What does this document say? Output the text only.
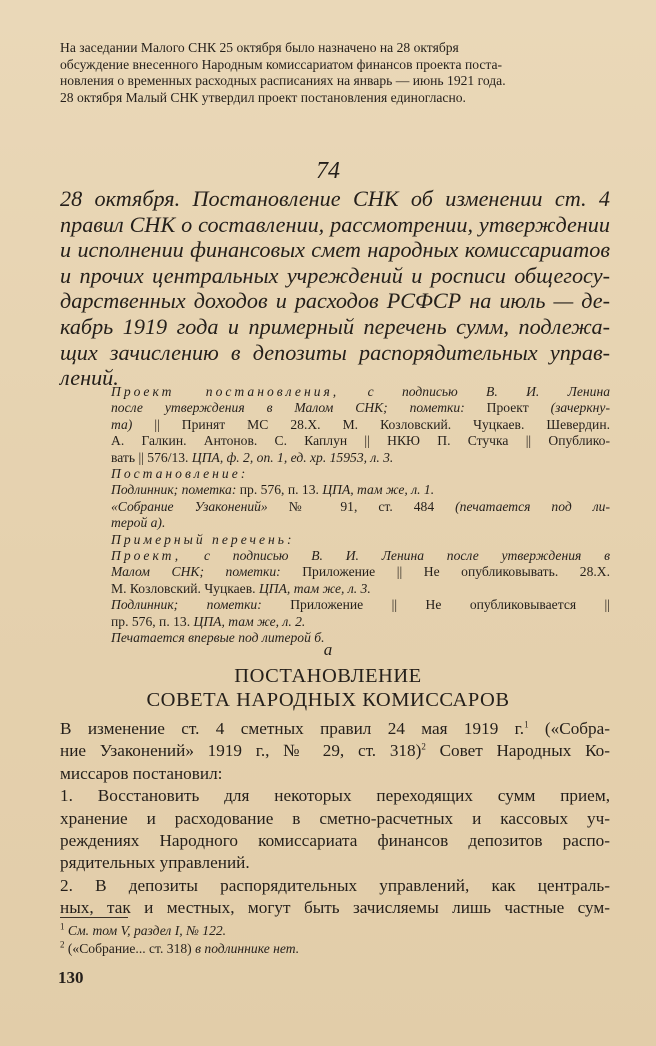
На заседании Малого СНК 25 октября было назначено на 28 октября

обсуждение внесенного Народным комиссариатом финансов проекта поста-

новления о временных расходных расписаниях на январь — июнь 1921 года.

28 октября Малый СНК утвердил проект постановления единогласно.

74
28 октября. Постановление СНК об изменении ст. 4
правил СНК о составлении, рассмотрении, утверждении
и исполнении финансовых смет народных комиссариатов
и прочих центральных учреждений и росписи общегосу-
дарственных доходов и расходов РСФСР на июль — де-
кабрь 1919 года и примерный перечень сумм, подлежа-
щих зачислению в депозиты распорядительных управ-
лений.

Проект постановления, с подписью В. И. Ленина

после утверждения в Малом СНК; пометки: Проект (зачеркну-

та) || Принят МС 28.X. М. Козловский. Чуцкаев. Шевердин.

А. Галкин. Антонов. С. Каплун || НКЮ П. Стучка || Опублико-

вать || 576/13. ЦПА, ф. 2, оп. 1, ед. хр. 15953, л. 3.

Постановление:

Подлинник; пометка: пр. 576, п. 13. ЦПА, там же, л. 1.

«Собрание Узаконений» № 91, ст. 484 (печатается под ли-

терой а).

Примерный перечень:

Проект, с подписью В. И. Ленина после утверждения в

Малом СНК; пометки: Приложение || Не опубликовывать. 28.X.

М. Козловский. Чуцкаев. ЦПА, там же, л. 3.

Подлинник; пометки: Приложение || Не опубликовывается ||

пр. 576, п. 13. ЦПА, там же, л. 2.

Печатается впервые под литерой б.

а
ПОСТАНОВЛЕНИЕ
СОВЕТА НАРОДНЫХ КОМИССАРОВ

В изменение ст. 4 сметных правил 24 мая 1919 г.$^1$ («Собра-

ние Узаконений» 1919 г., № 29, ст. 318)$^2$ Совет Народных Ко-

миссаров постановил:

1. Восстановить для некоторых переходящих сумм прием,

хранение и расходование в сметно-расчетных и кассовых уч-

реждениях Народного комиссариата финансов депозитов распо-

рядительных управлений.

2. В депозиты распорядительных управлений, как централь-

ных, так и местных, могут быть зачисляемы лишь частные сум-

$^1$ См. том V, раздел I, № 122.

$^2$ («Собрание... ст. 318) в подлиннике нет.

130
